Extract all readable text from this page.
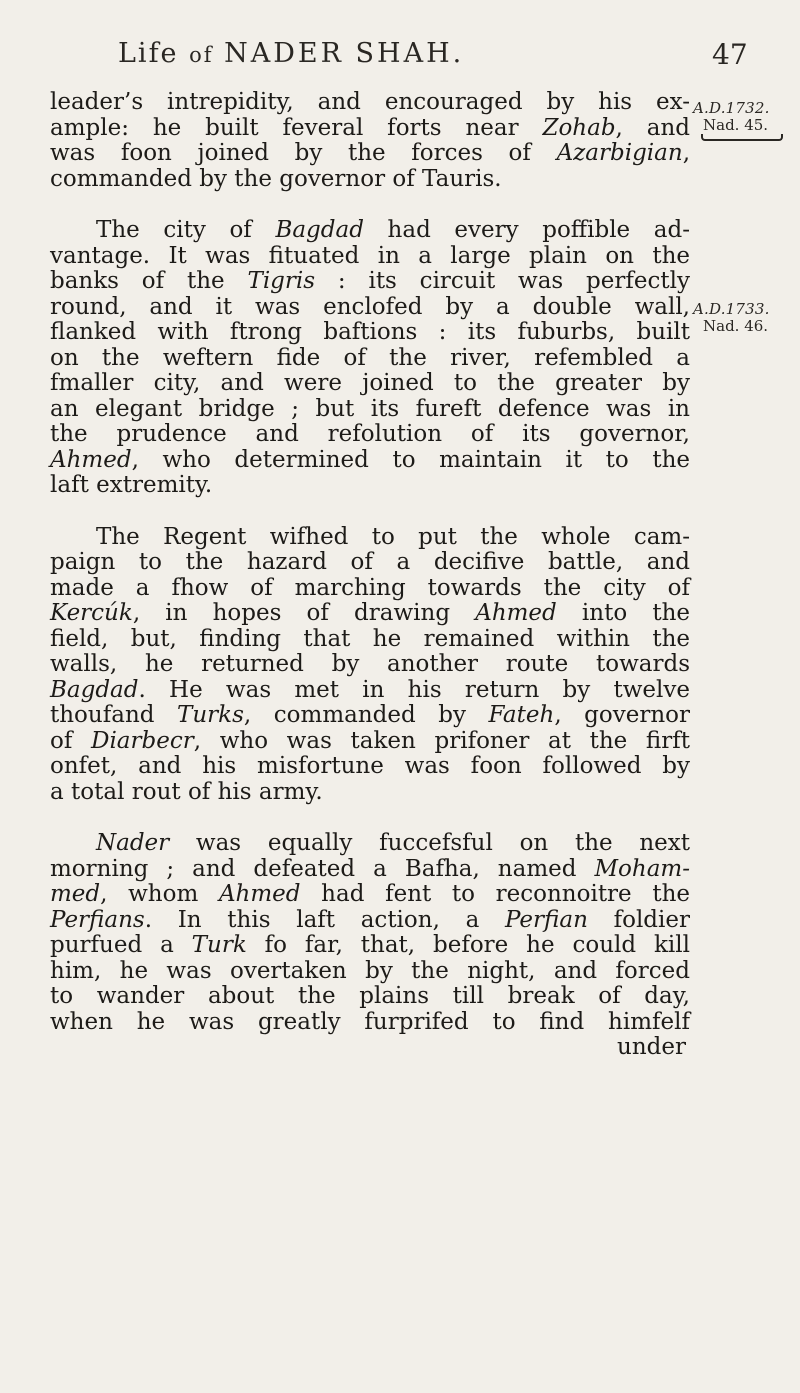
Life of NADER SHAH.	47
A.D.1732.
Nad. 45.
A.D.1733.
Nad. 46.

leader’s intrepidity, and encouraged by his ex-

ample: he built feveral forts near Zohab, and

was foon joined by the forces of Azarbigian,

commanded by the governor of Tauris.

The city of Bagdad had every poffible ad-

vantage. It was fituated in a large plain on the

banks of the Tigris : its circuit was perfectly

round, and it was enclofed by a double wall,

flanked with ftrong baftions : its fuburbs, built

on the weftern fide of the river, refembled a

fmaller city, and were joined to the greater by

an elegant bridge ; but its fureft defence was in

the prudence and refolution of its governor,

Ahmed, who determined to maintain it to the

laft extremity.

The Regent wifhed to put the whole cam-

paign to the hazard of a decifive battle, and

made a fhow of marching towards the city of

Kercúk, in hopes of drawing Ahmed into the

field, but, finding that he remained within the

walls, he returned by another route towards

Bagdad. He was met in his return by twelve

thoufand Turks, commanded by Fateh, governor

of Diarbecr, who was taken prifoner at the firft

onfet, and his misfortune was foon followed by

a total rout of his army.

Nader was equally fuccefsful on the next

morning ; and defeated a Bafha, named Moham-

med, whom Ahmed had fent to reconnoitre the

Perfians. In this laft action, a Perfian foldier

purfued a Turk fo far, that, before he could kill

him, he was overtaken by the night, and forced

to wander about the plains till break of day,

when he was greatly furprifed to find himfelf

under
